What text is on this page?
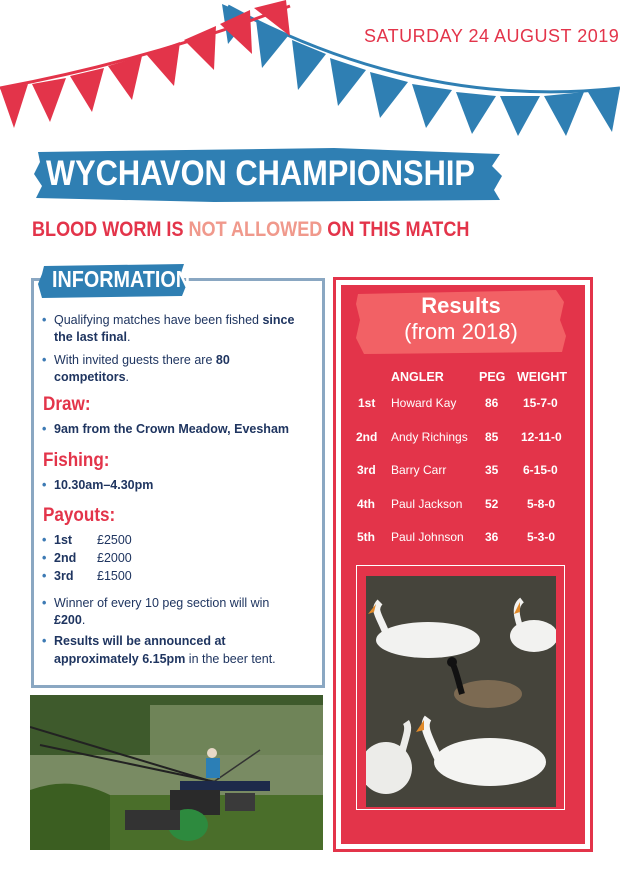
SATURDAY 24 AUGUST 2019
WYCHAVON CHAMPIONSHIP
BLOOD WORM IS NOT ALLOWED ON THIS MATCH
INFORMATION
• Qualifying matches have been fished since the last final.
• With invited guests there are 80 competitors.
Draw:
• 9am from the Crown Meadow, Evesham
Fishing:
• 10.30am–4.30pm
Payouts:
• 1st £2500
• 2nd £2000
• 3rd £1500
• Winner of every 10 peg section will win £200.
• Results will be announced at
approximately 6.15pm in the beer tent.
Results
(from 2018)
ANGLER	PEG WEIGHT
1st Howard Kay 86 15-7-0
2nd Andy Richings 85 12-11-0
3rd Barry Carr	35 6-15-0
4th Paul Jackson 52 5-8-0
5th Paul Johnson 36 5-3-0
